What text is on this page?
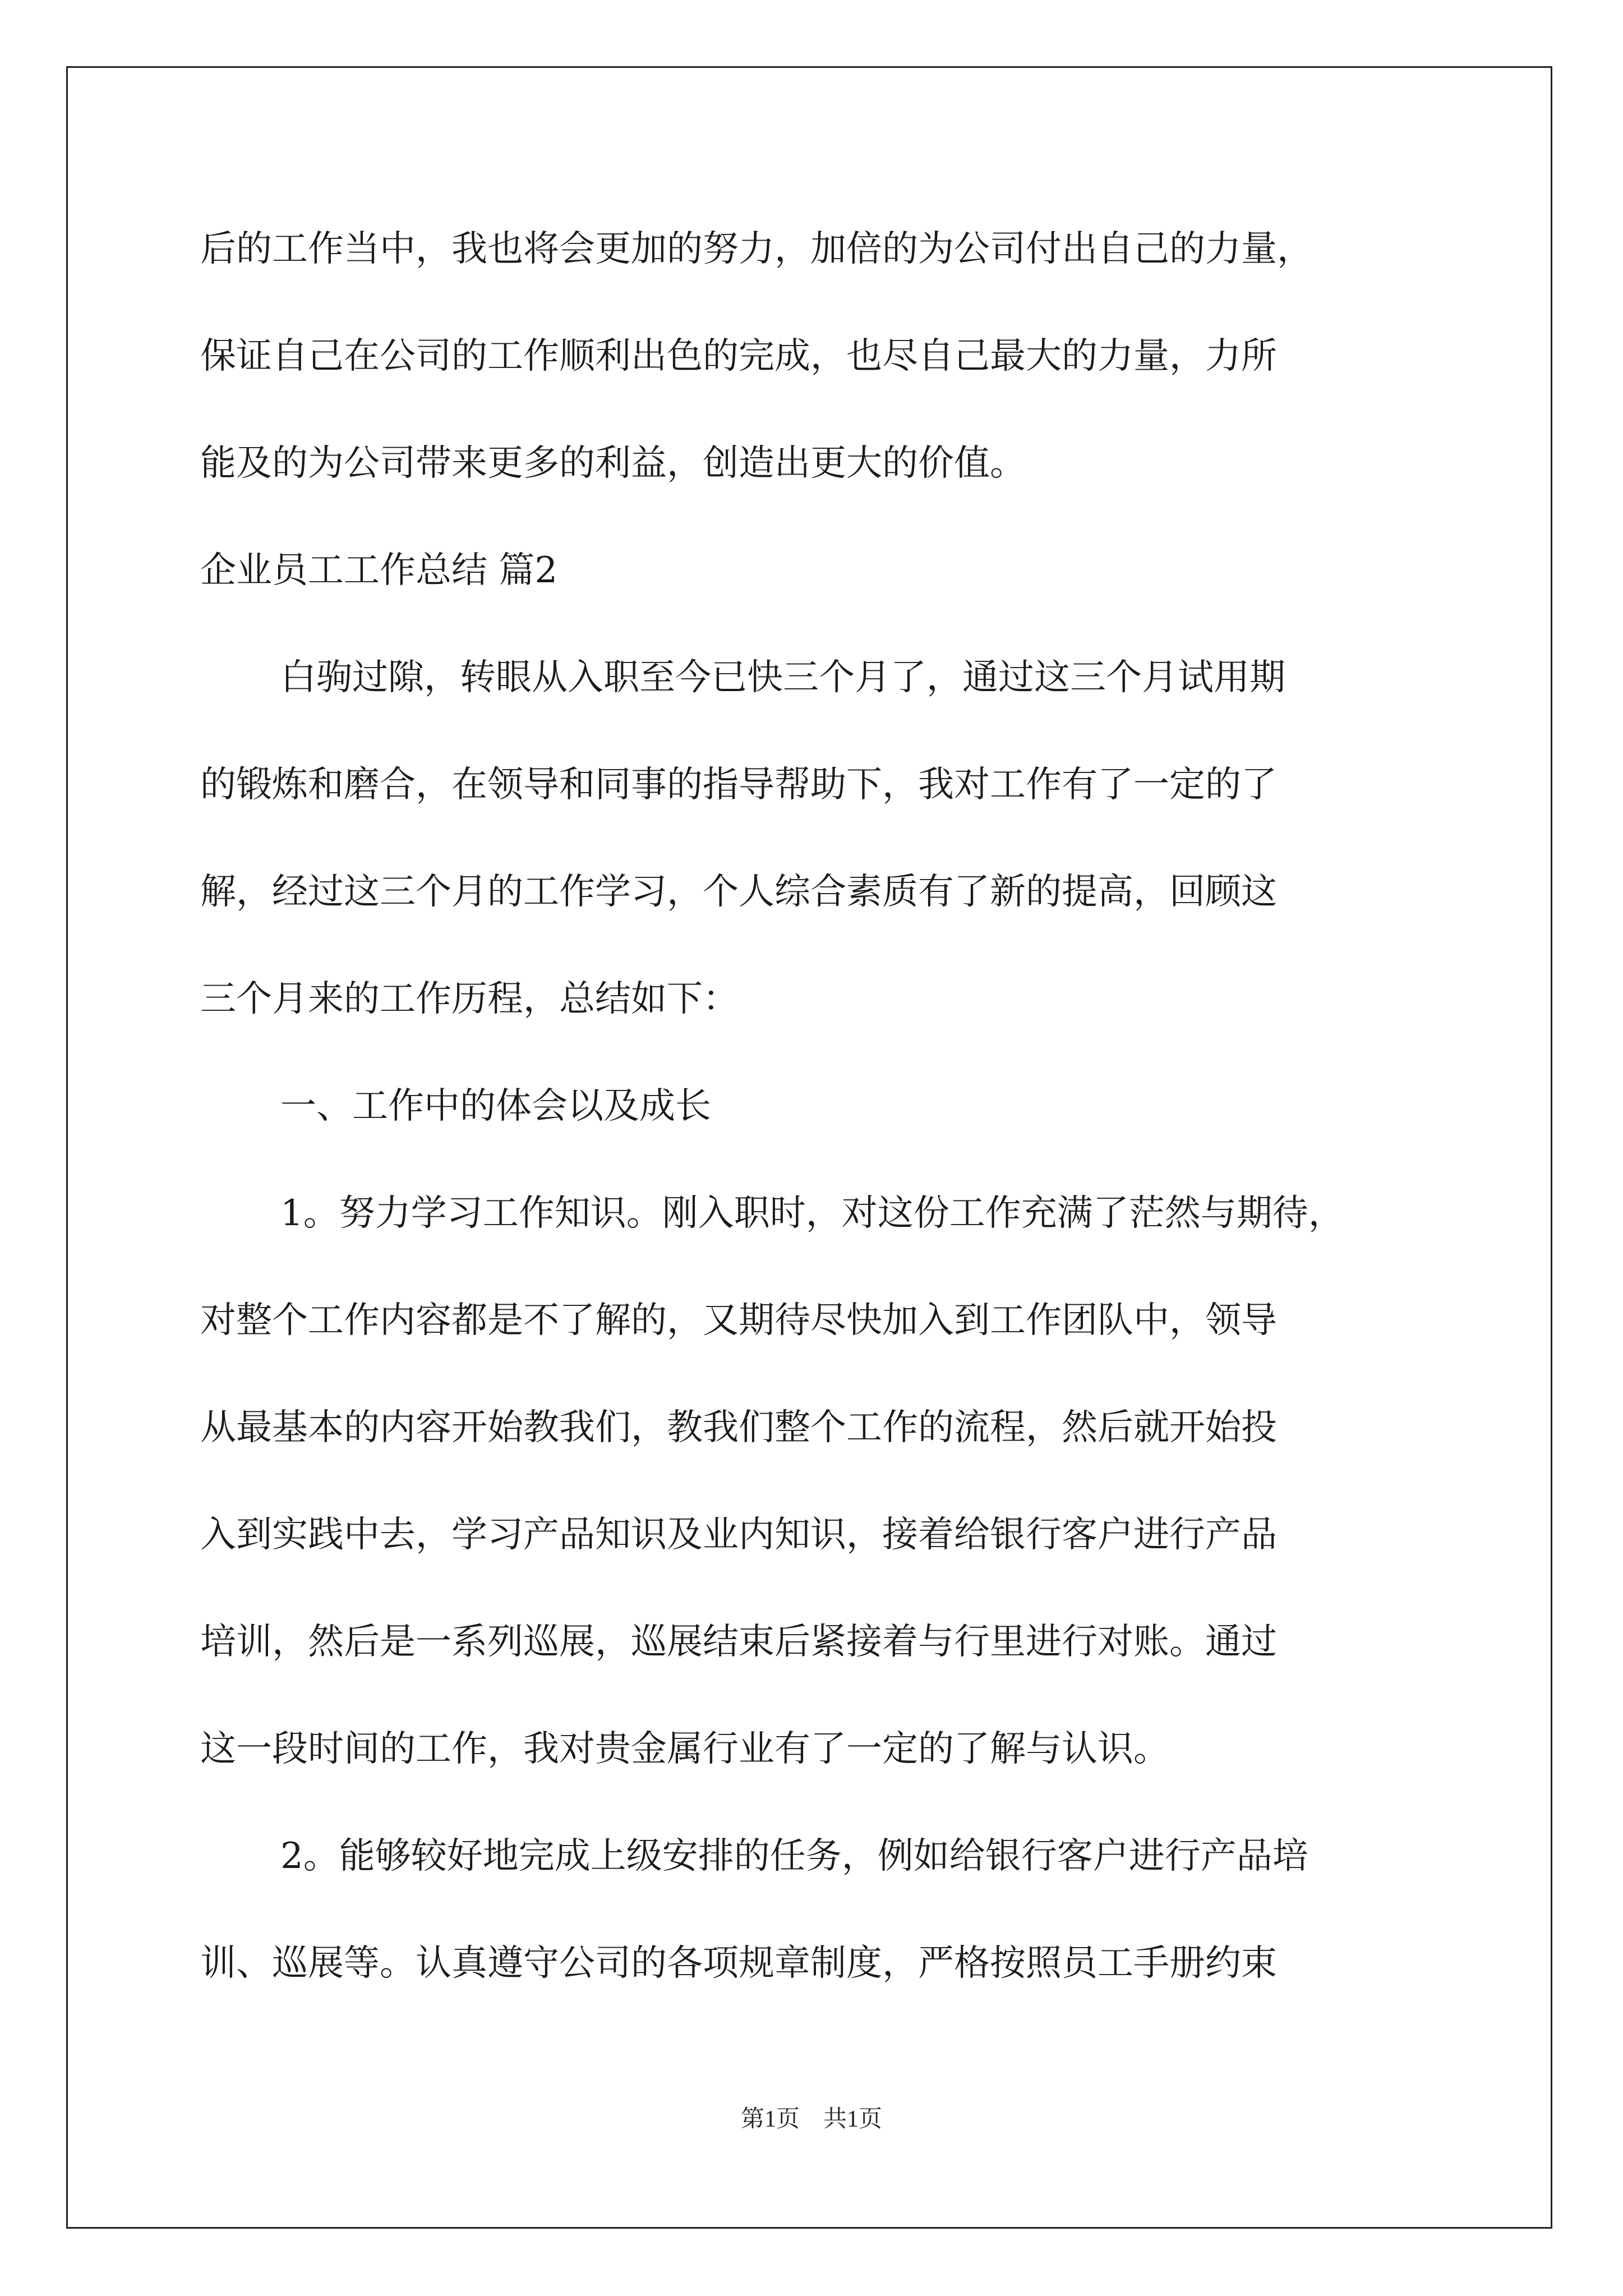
后的工作当中，我也将会更加的努力，加倍的为公司付出自己的力量，
保证自己在公司的工作顺利出色的完成，也尽自己最大的力量，力所
能及的为公司带来更多的利益，创造出更大的价值。
企业员工工作总结 篇2
白驹过隙，转眼从入职至今已快三个月了，通过这三个月试用期
的锻炼和磨合，在领导和同事的指导帮助下，我对工作有了一定的了
解，经过这三个月的工作学习，个人综合素质有了新的提高，回顾这
三个月来的工作历程，总结如下：
一、工作中的体会以及成长
1。努力学习工作知识。刚入职时，对这份工作充满了茫然与期待，
对整个工作内容都是不了解的，又期待尽快加入到工作团队中，领导
从最基本的内容开始教我们，教我们整个工作的流程，然后就开始投
入到实践中去，学习产品知识及业内知识，接着给银行客户进行产品
培训，然后是一系列巡展，巡展结束后紧接着与行里进行对账。通过
这一段时间的工作，我对贵金属行业有了一定的了解与认识。
2。能够较好地完成上级安排的任务，例如给银行客户进行产品培
训、巡展等。认真遵守公司的各项规章制度，严格按照员工手册约束
第1页　共1页
